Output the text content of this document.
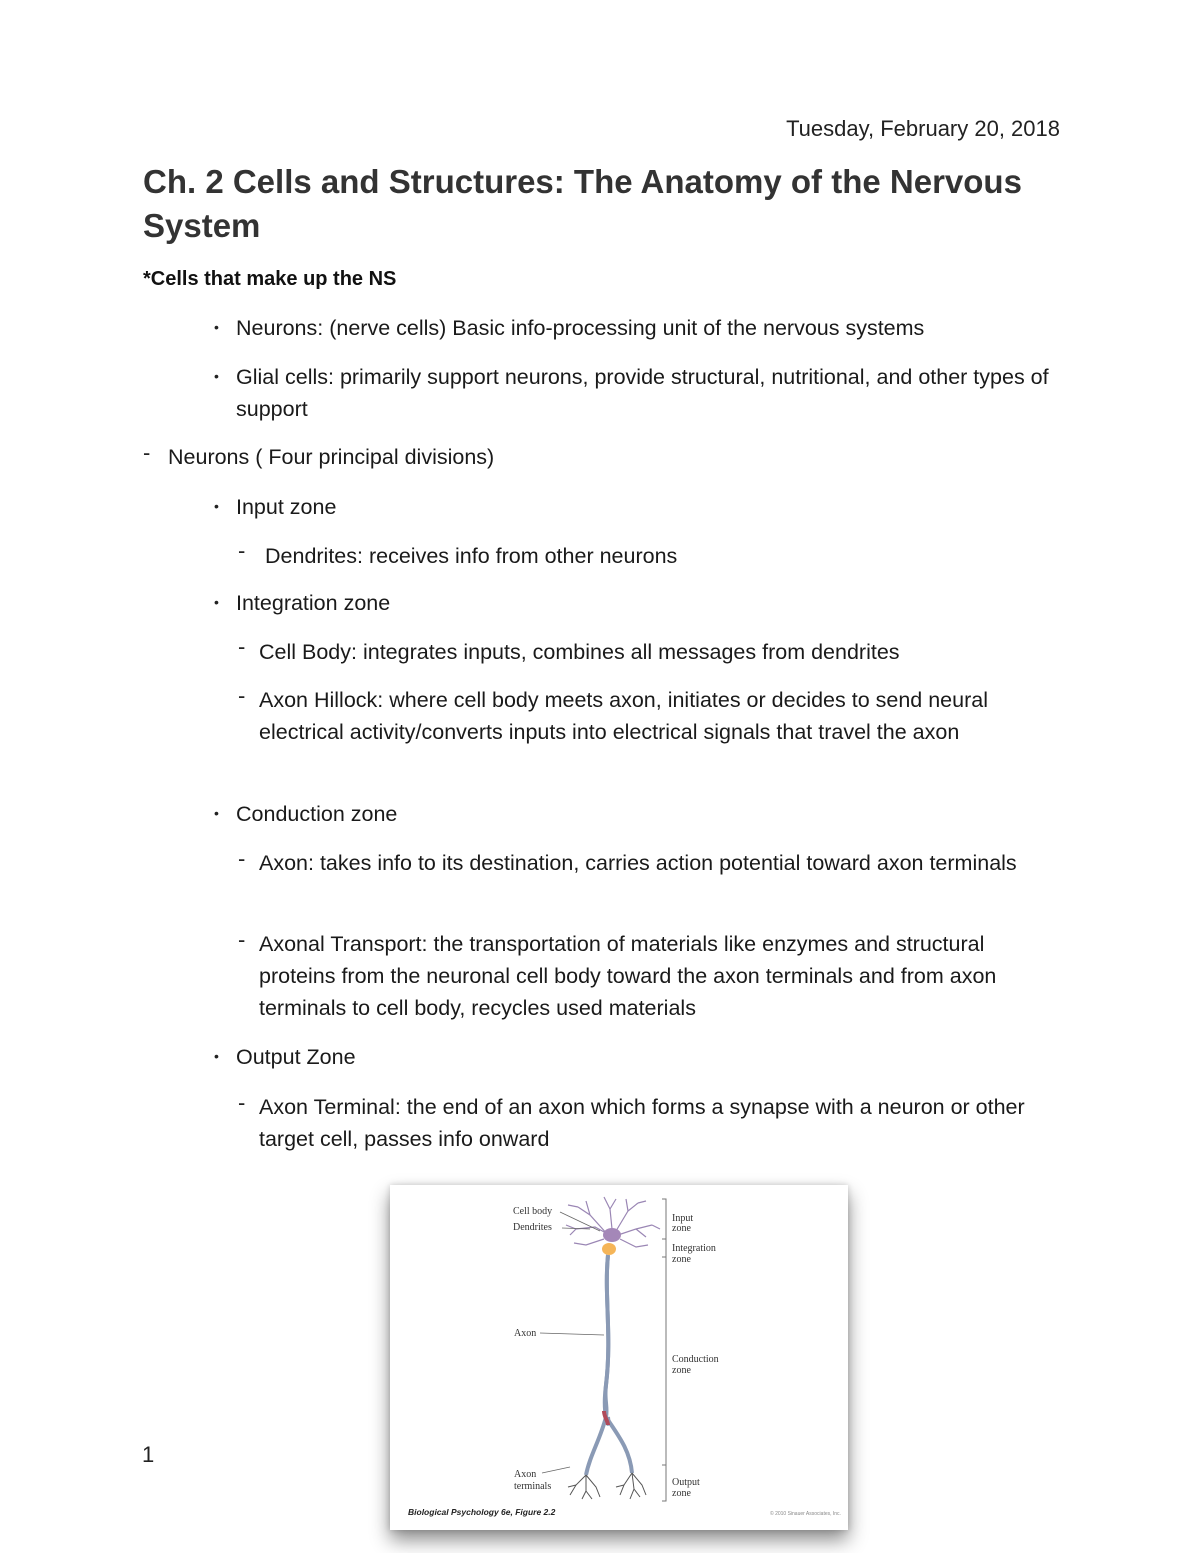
Tuesday, February 20, 2018
Ch. 2 Cells and Structures: The Anatomy of the Nervous System
*Cells that make up the NS
• Neurons: (nerve cells) Basic info-processing unit of the nervous systems
• Glial cells: primarily support neurons, provide structural, nutritional, and other types of support
- Neurons ( Four principal divisions)
• Input zone
- Dendrites: receives info from other neurons
• Integration zone
- Cell Body: integrates inputs, combines all messages from dendrites
- Axon Hillock: where cell body meets axon, initiates or decides to send neural electrical activity/converts inputs into electrical signals that travel the axon
• Conduction zone
- Axon: takes info to its destination, carries action potential toward axon terminals
- Axonal Transport: the transportation of materials like enzymes and structural proteins from the neuronal cell body toward the axon terminals and from axon terminals to cell body, recycles used materials
• Output Zone
- Axon Terminal: the end of an axon which forms a synapse with a neuron or other target cell, passes info onward
Cell body
Dendrites
Axon
Axon
terminals
Input
zone
Integration
zone
Conduction
zone
Output
zone
Biological Psychology 6e, Figure 2.2	© 2010 Sinauer Associates, Inc.
1
